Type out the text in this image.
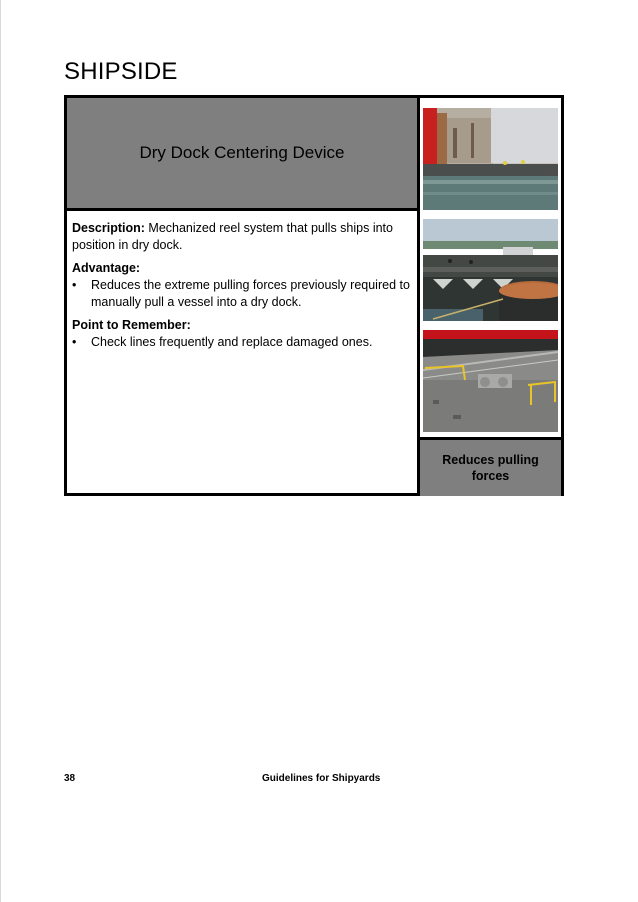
SHIPSIDE
Dry Dock Centering Device

Description: Mechanized reel system that pulls ships into position in dry dock.

Advantage:
• Reduces the extreme pulling forces previously required to manually pull a vessel into a dry dock.
Point to Remember:
• Check lines frequently and replace damaged ones.
Reduces pulling forces
38	Guidelines for Shipyards
